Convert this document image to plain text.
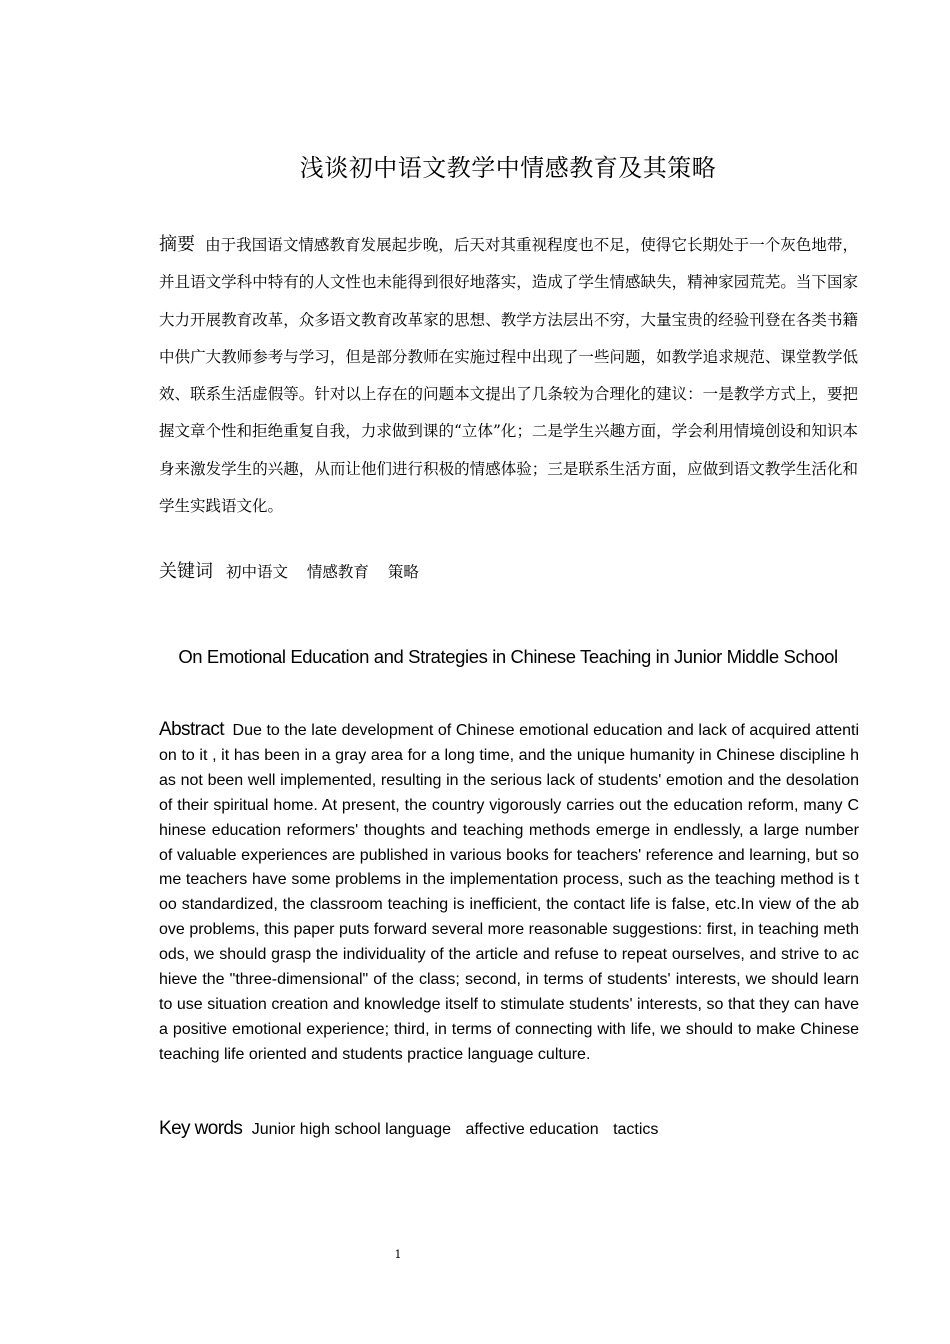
浅谈初中语文教学中情感教育及其策略
摘要 由于我国语文情感教育发展起步晚，后天对其重视程度也不足，使得它长期处于一个灰色地带，并且语文学科中特有的人文性也未能得到很好地落实，造成了学生情感缺失，精神家园荒芜。当下国家大力开展教育改革，众多语文教育改革家的思想、教学方法层出不穷，大量宝贵的经验刊登在各类书籍中供广大教师参考与学习，但是部分教师在实施过程中出现了一些问题，如教学追求规范、课堂教学低效、联系生活虚假等。针对以上存在的问题本文提出了几条较为合理化的建议：一是教学方式上，要把握文章个性和拒绝重复自我，力求做到课的“立体”化；二是学生兴趣方面，学会利用情境创设和知识本身来激发学生的兴趣，从而让他们进行积极的情感体验；三是联系生活方面，应做到语文教学生活化和学生实践语文化。
关键词 初中语文 情感教育 策略
On Emotional Education and Strategies in Chinese Teaching in Junior Middle School
Abstract Due to the late development of Chinese emotional education and lack of acquired attention to it , it has been in a gray area for a long time, and the unique humanity in Chinese discipline has not been well implemented, resulting in the serious lack of students' emotion and the desolation of their spiritual home. At present, the country vigorously carries out the education reform, many Chinese education reformers' thoughts and teaching methods emerge in endlessly, a large number of valuable experiences are published in various books for teachers' reference and learning, but some teachers have some problems in the implementation process, such as the teaching method is too standardized, the classroom teaching is inefficient, the contact life is false, etc.In view of the above problems, this paper puts forward several more reasonable suggestions: first, in teaching methods, we should grasp the individuality of the article and refuse to repeat ourselves, and strive to achieve the "three-dimensional" of the class; second, in terms of students' interests, we should learn to use situation creation and knowledge itself to stimulate students' interests, so that they can have a positive emotional experience; third, in terms of connecting with life, we should to make Chinese teaching life oriented and students practice language culture.
Key words Junior high school language affective education tactics
1
